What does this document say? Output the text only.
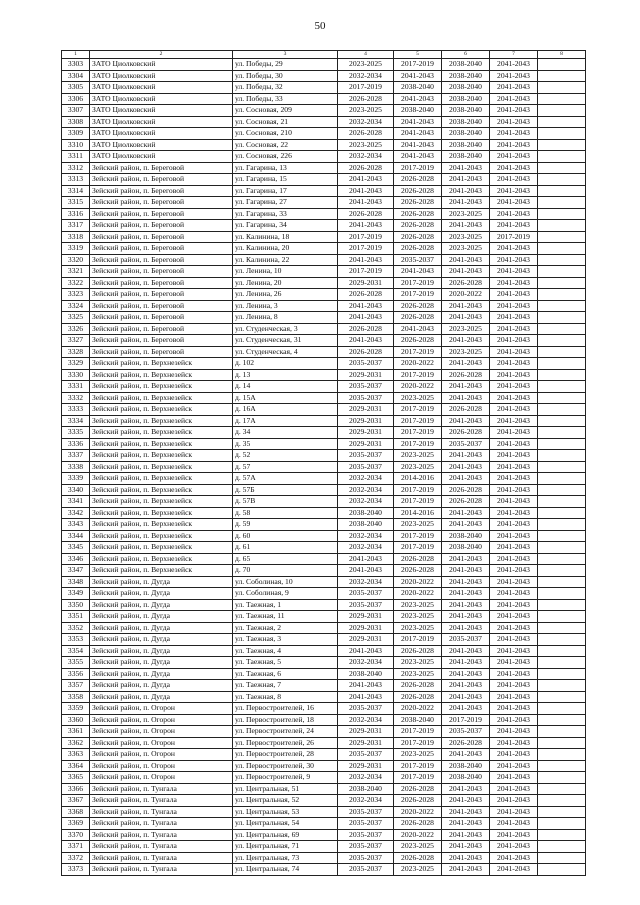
50
1	2	3	4	5	6	7	8
3303	ЗАТО Циолковский	ул. Победы, 29	2023-2025	2017-2019	2038-2040	2041-2043	
3304	ЗАТО Циолковский	ул. Победы, 30	2032-2034	2041-2043	2038-2040	2041-2043	
3305	ЗАТО Циолковский	ул. Победы, 32	2017-2019	2038-2040	2038-2040	2041-2043	
3306	ЗАТО Циолковский	ул. Победы, 33	2026-2028	2041-2043	2038-2040	2041-2043	
3307	ЗАТО Циолковский	ул. Сосновая, 209	2023-2025	2038-2040	2038-2040	2041-2043	
3308	ЗАТО Циолковский	ул. Сосновая, 21	2032-2034	2041-2043	2038-2040	2041-2043	
3309	ЗАТО Циолковский	ул. Сосновая, 210	2026-2028	2041-2043	2038-2040	2041-2043	
3310	ЗАТО Циолковский	ул. Сосновая, 22	2023-2025	2041-2043	2038-2040	2041-2043	
3311	ЗАТО Циолковский	ул. Сосновая, 226	2032-2034	2041-2043	2038-2040	2041-2043	
3312	Зейский район, п. Береговой	ул. Гагарина, 13	2026-2028	2017-2019	2041-2043	2041-2043	
3313	Зейский район, п. Береговой	ул. Гагарина, 15	2041-2043	2026-2028	2041-2043	2041-2043	
3314	Зейский район, п. Береговой	ул. Гагарина, 17	2041-2043	2026-2028	2041-2043	2041-2043	
3315	Зейский район, п. Береговой	ул. Гагарина, 27	2041-2043	2026-2028	2041-2043	2041-2043	
3316	Зейский район, п. Береговой	ул. Гагарина, 33	2026-2028	2026-2028	2023-2025	2041-2043	
3317	Зейский район, п. Береговой	ул. Гагарина, 34	2041-2043	2026-2028	2041-2043	2041-2043	
3318	Зейский район, п. Береговой	ул. Калинина, 18	2017-2019	2026-2028	2023-2025	2017-2019	
3319	Зейский район, п. Береговой	ул. Калинина, 20	2017-2019	2026-2028	2023-2025	2041-2043	
3320	Зейский район, п. Береговой	ул. Калинина, 22	2041-2043	2035-2037	2041-2043	2041-2043	
3321	Зейский район, п. Береговой	ул. Ленина, 10	2017-2019	2041-2043	2041-2043	2041-2043	
3322	Зейский район, п. Береговой	ул. Ленина, 20	2029-2031	2017-2019	2026-2028	2041-2043	
3323	Зейский район, п. Береговой	ул. Ленина, 26	2026-2028	2017-2019	2020-2022	2041-2043	
3324	Зейский район, п. Береговой	ул. Ленина, 3	2041-2043	2026-2028	2041-2043	2041-2043	
3325	Зейский район, п. Береговой	ул. Ленина, 8	2041-2043	2026-2028	2041-2043	2041-2043	
3326	Зейский район, п. Береговой	ул. Студенческая, 3	2026-2028	2041-2043	2023-2025	2041-2043	
3327	Зейский район, п. Береговой	ул. Студенческая, 31	2041-2043	2026-2028	2041-2043	2041-2043	
3328	Зейский район, п. Береговой	ул. Студенческая, 4	2026-2028	2017-2019	2023-2025	2041-2043	
3329	Зейский район, п. Верхнезейск	д. 102	2035-2037	2020-2022	2041-2043	2041-2043	
3330	Зейский район, п. Верхнезейск	д. 13	2029-2031	2017-2019	2026-2028	2041-2043	
3331	Зейский район, п. Верхнезейск	д. 14	2035-2037	2020-2022	2041-2043	2041-2043	
3332	Зейский район, п. Верхнезейск	д. 15А	2035-2037	2023-2025	2041-2043	2041-2043	
3333	Зейский район, п. Верхнезейск	д. 16А	2029-2031	2017-2019	2026-2028	2041-2043	
3334	Зейский район, п. Верхнезейск	д. 17А	2029-2031	2017-2019	2041-2043	2041-2043	
3335	Зейский район, п. Верхнезейск	д. 34	2029-2031	2017-2019	2026-2028	2041-2043	
3336	Зейский район, п. Верхнезейск	д. 35	2029-2031	2017-2019	2035-2037	2041-2043	
3337	Зейский район, п. Верхнезейск	д. 52	2035-2037	2023-2025	2041-2043	2041-2043	
3338	Зейский район, п. Верхнезейск	д. 57	2035-2037	2023-2025	2041-2043	2041-2043	
3339	Зейский район, п. Верхнезейск	д. 57А	2032-2034	2014-2016	2041-2043	2041-2043	
3340	Зейский район, п. Верхнезейск	д. 57Б	2032-2034	2017-2019	2026-2028	2041-2043	
3341	Зейский район, п. Верхнезейск	д. 57В	2032-2034	2017-2019	2026-2028	2041-2043	
3342	Зейский район, п. Верхнезейск	д. 58	2038-2040	2014-2016	2041-2043	2041-2043	
3343	Зейский район, п. Верхнезейск	д. 59	2038-2040	2023-2025	2041-2043	2041-2043	
3344	Зейский район, п. Верхнезейск	д. 60	2032-2034	2017-2019	2038-2040	2041-2043	
3345	Зейский район, п. Верхнезейск	д. 61	2032-2034	2017-2019	2038-2040	2041-2043	
3346	Зейский район, п. Верхнезейск	д. 65	2041-2043	2026-2028	2041-2043	2041-2043	
3347	Зейский район, п. Верхнезейск	д. 70	2041-2043	2026-2028	2041-2043	2041-2043	
3348	Зейский район, п. Дугда	ул. Соболиная, 10	2032-2034	2020-2022	2041-2043	2041-2043	
3349	Зейский район, п. Дугда	ул. Соболиная, 9	2035-2037	2020-2022	2041-2043	2041-2043	
3350	Зейский район, п. Дугда	ул. Таежная, 1	2035-2037	2023-2025	2041-2043	2041-2043	
3351	Зейский район, п. Дугда	ул. Таежная, 11	2029-2031	2023-2025	2041-2043	2041-2043	
3352	Зейский район, п. Дугда	ул. Таежная, 2	2029-2031	2023-2025	2041-2043	2041-2043	
3353	Зейский район, п. Дугда	ул. Таежная, 3	2029-2031	2017-2019	2035-2037	2041-2043	
3354	Зейский район, п. Дугда	ул. Таежная, 4	2041-2043	2026-2028	2041-2043	2041-2043	
3355	Зейский район, п. Дугда	ул. Таежная, 5	2032-2034	2023-2025	2041-2043	2041-2043	
3356	Зейский район, п. Дугда	ул. Таежная, 6	2038-2040	2023-2025	2041-2043	2041-2043	
3357	Зейский район, п. Дугда	ул. Таежная, 7	2041-2043	2026-2028	2041-2043	2041-2043	
3358	Зейский район, п. Дугда	ул. Таежная, 8	2041-2043	2026-2028	2041-2043	2041-2043	
3359	Зейский район, п. Огорон	ул. Первостроителей, 16	2035-2037	2020-2022	2041-2043	2041-2043	
3360	Зейский район, п. Огорон	ул. Первостроителей, 18	2032-2034	2038-2040	2017-2019	2041-2043	
3361	Зейский район, п. Огорон	ул. Первостроителей, 24	2029-2031	2017-2019	2035-2037	2041-2043	
3362	Зейский район, п. Огорон	ул. Первостроителей, 26	2029-2031	2017-2019	2026-2028	2041-2043	
3363	Зейский район, п. Огорон	ул. Первостроителей, 28	2035-2037	2023-2025	2041-2043	2041-2043	
3364	Зейский район, п. Огорон	ул. Первостроителей, 30	2029-2031	2017-2019	2038-2040	2041-2043	
3365	Зейский район, п. Огорон	ул. Первостроителей, 9	2032-2034	2017-2019	2038-2040	2041-2043	
3366	Зейский район, п. Тунгала	ул. Центральная, 51	2038-2040	2026-2028	2041-2043	2041-2043	
3367	Зейский район, п. Тунгала	ул. Центральная, 52	2032-2034	2026-2028	2041-2043	2041-2043	
3368	Зейский район, п. Тунгала	ул. Центральная, 53	2035-2037	2020-2022	2041-2043	2041-2043	
3369	Зейский район, п. Тунгала	ул. Центральная, 54	2035-2037	2026-2028	2041-2043	2041-2043	
3370	Зейский район, п. Тунгала	ул. Центральная, 69	2035-2037	2020-2022	2041-2043	2041-2043	
3371	Зейский район, п. Тунгала	ул. Центральная, 71	2035-2037	2023-2025	2041-2043	2041-2043	
3372	Зейский район, п. Тунгала	ул. Центральная, 73	2035-2037	2026-2028	2041-2043	2041-2043	
3373	Зейский район, п. Тунгала	ул. Центральная, 74	2035-2037	2023-2025	2041-2043	2041-2043	
